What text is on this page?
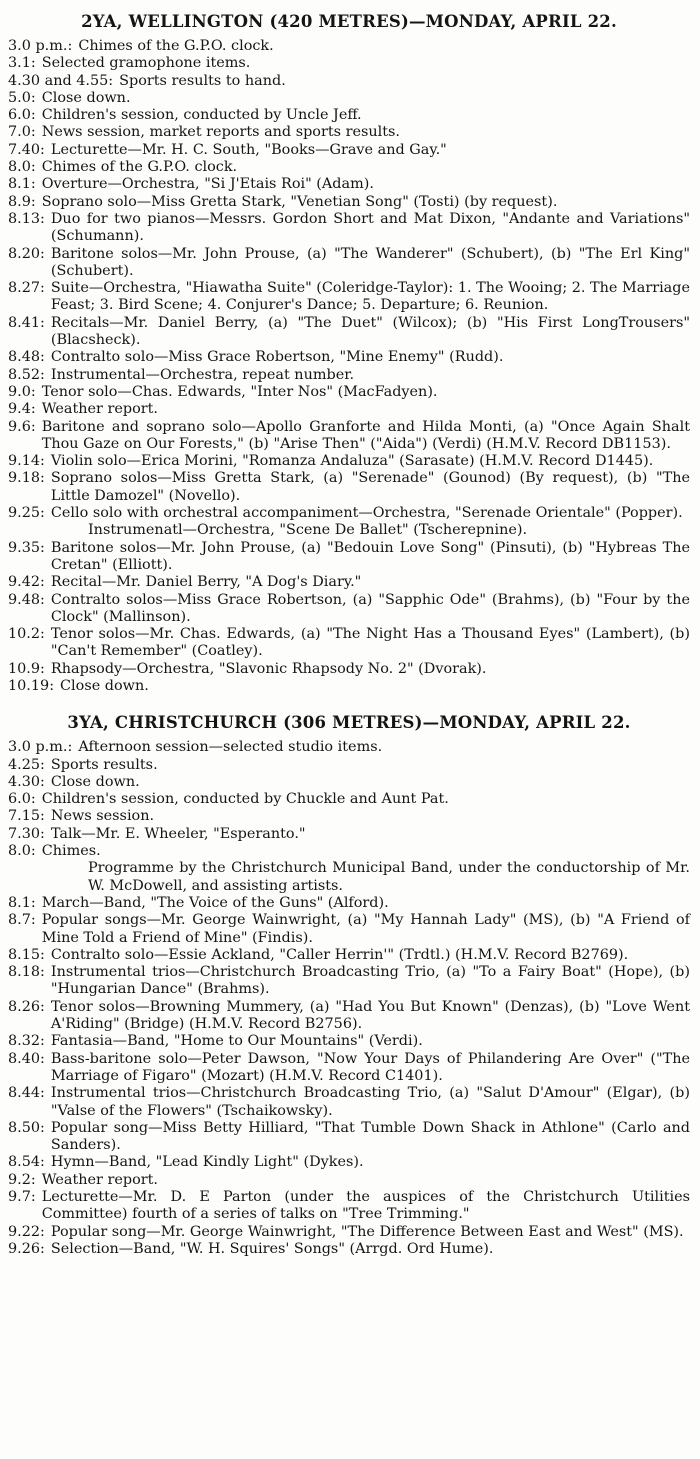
2YA, WELLINGTON (420 METRES)—MONDAY, APRIL 22.
3.0 p.m.: Chimes of the G.P.O. clock.
3.1: Selected gramophone items.
4.30 and 4.55: Sports results to hand.
5.0: Close down.
6.0: Children's session, conducted by Uncle Jeff.
7.0: News session, market reports and sports results.
7.40: Lecturette—Mr. H. C. South, "Books—Grave and Gay."
8.0: Chimes of the G.P.O. clock.
8.1: Overture—Orchestra, "Si J'Etais Roi" (Adam).
8.9: Soprano solo—Miss Gretta Stark, "Venetian Song" (Tosti) (by request).
8.13: Duo for two pianos—Messrs. Gordon Short and Mat Dixon, "Andante and Variations" (Schumann).
8.20: Baritone solos—Mr. John Prouse, (a) "The Wanderer" (Schubert), (b) "The Erl King" (Schubert).
8.27: Suite—Orchestra, "Hiawatha Suite" (Coleridge-Taylor): 1. The Wooing; 2. The Marriage Feast; 3. Bird Scene; 4. Conjurer's Dance; 5. Departure; 6. Reunion.
8.41: Recitals—Mr. Daniel Berry, (a) "The Duet" (Wilcox); (b) "His First LongTrousers" (Blacsheck).
8.48: Contralto solo—Miss Grace Robertson, "Mine Enemy" (Rudd).
8.52: Instrumental—Orchestra, repeat number.
9.0: Tenor solo—Chas. Edwards, "Inter Nos" (MacFadyen).
9.4: Weather report.
9.6: Baritone and soprano solo—Apollo Granforte and Hilda Monti, (a) "Once Again Shalt Thou Gaze on Our Forests," (b) "Arise Then" ("Aida") (Verdi) (H.M.V. Record DB1153).
9.14: Violin solo—Erica Morini, "Romanza Andaluza" (Sarasate) (H.M.V. Record D1445).
9.18: Soprano solos—Miss Gretta Stark, (a) "Serenade" (Gounod) (By request), (b) "The Little Damozel" (Novello).
9.25: Cello solo with orchestral accompaniment—Orchestra, "Serenade Orientale" (Popper).
Instrumenatl—Orchestra, "Scene De Ballet" (Tscherepnine).
9.35: Baritone solos—Mr. John Prouse, (a) "Bedouin Love Song" (Pinsuti), (b) "Hybreas The Cretan" (Elliott).
9.42: Recital—Mr. Daniel Berry, "A Dog's Diary."
9.48: Contralto solos—Miss Grace Robertson, (a) "Sapphic Ode" (Brahms), (b) "Four by the Clock" (Mallinson).
10.2: Tenor solos—Mr. Chas. Edwards, (a) "The Night Has a Thousand Eyes" (Lambert), (b) "Can't Remember" (Coatley).
10.9: Rhapsody—Orchestra, "Slavonic Rhapsody No. 2" (Dvorak).
10.19: Close down.
3YA, CHRISTCHURCH (306 METRES)—MONDAY, APRIL 22.
3.0 p.m.: Afternoon session—selected studio items.
4.25: Sports results.
4.30: Close down.
6.0: Children's session, conducted by Chuckle and Aunt Pat.
7.15: News session.
7.30: Talk—Mr. E. Wheeler, "Esperanto."
8.0: Chimes.
Programme by the Christchurch Municipal Band, under the conductorship of Mr. W. McDowell, and assisting artists.
8.1: March—Band, "The Voice of the Guns" (Alford).
8.7: Popular songs—Mr. George Wainwright, (a) "My Hannah Lady" (MS), (b) "A Friend of Mine Told a Friend of Mine" (Findis).
8.15: Contralto solo—Essie Ackland, "Caller Herrin'" (Trdtl.) (H.M.V. Record B2769).
8.18: Instrumental trios—Christchurch Broadcasting Trio, (a) "To a Fairy Boat" (Hope), (b) "Hungarian Dance" (Brahms).
8.26: Tenor solos—Browning Mummery, (a) "Had You But Known" (Denzas), (b) "Love Went A'Riding" (Bridge) (H.M.V. Record B2756).
8.32: Fantasia—Band, "Home to Our Mountains" (Verdi).
8.40: Bass-baritone solo—Peter Dawson, "Now Your Days of Philandering Are Over" ("The Marriage of Figaro" (Mozart) (H.M.V. Record C1401).
8.44: Instrumental trios—Christchurch Broadcasting Trio, (a) "Salut D'Amour" (Elgar), (b) "Valse of the Flowers" (Tschaikowsky).
8.50: Popular song—Miss Betty Hilliard, "That Tumble Down Shack in Athlone" (Carlo and Sanders).
8.54: Hymn—Band, "Lead Kindly Light" (Dykes).
9.2: Weather report.
9.7: Lecturette—Mr. D. E Parton (under the auspices of the Christchurch Utilities Committee) fourth of a series of talks on "Tree Trimming."
9.22: Popular song—Mr. George Wainwright, "The Difference Between East and West" (MS).
9.26: Selection—Band, "W. H. Squires' Songs" (Arrgd. Ord Hume).
